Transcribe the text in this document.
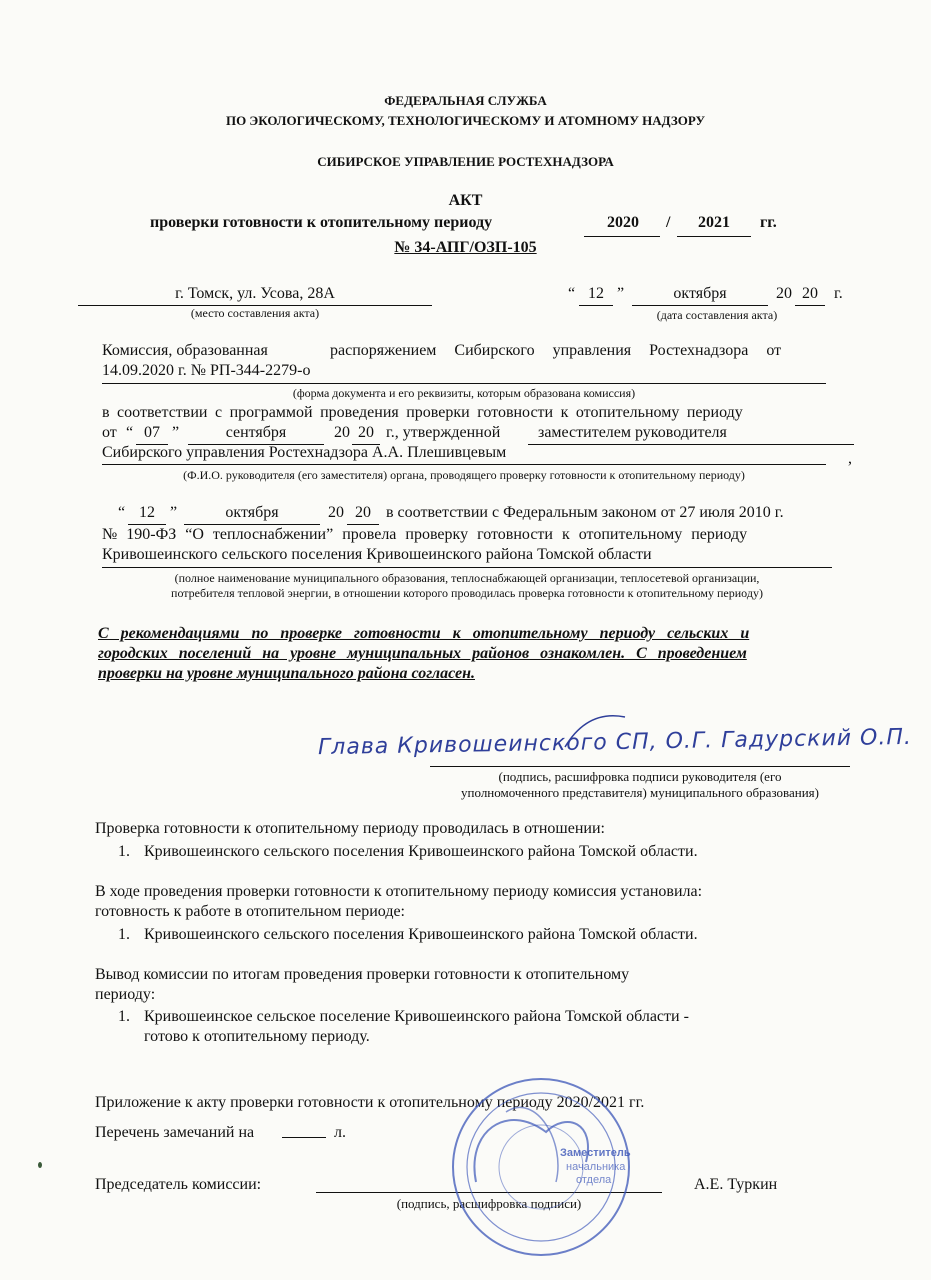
ФЕДЕРАЛЬНАЯ СЛУЖБА
ПО ЭКОЛОГИЧЕСКОМУ, ТЕХНОЛОГИЧЕСКОМУ И АТОМНОМУ НАДЗОРУ
СИБИРСКОЕ УПРАВЛЕНИЕ РОСТЕХНАДЗОРА
АКТ
проверки готовности к отопительному периоду	2020	/	2021	гг.
№ 34-АПГ/ОЗП-105
г. Томск, ул. Усова, 28А
(место составления акта)
“ 12 ”	октября	20 20	г.
(дата составления акта)
Комиссия, образованная	распоряжением Сибирского управления Ростехнадзора от
14.09.2020 г. № РП-344-2279-о
(форма документа и его реквизиты, которым образована комиссия)
в соответствии с программой проведения проверки готовности к отопительному периоду
от “ 07 ”	сентября	20 20 г., утвержденной заместителем руководителя
Сибирского управления Ростехнадзора А.А. Плешивцевым	,
(Ф.И.О. руководителя (его заместителя) органа, проводящего проверку готовности к отопительному периоду)
“ 12 ”	октября	20 20 в соответствии с Федеральным законом от 27 июля 2010 г.
№ 190-ФЗ “О теплоснабжении” провела проверку готовности к отопительному периоду
Кривошеинского сельского поселения Кривошеинского района Томской области
(полное наименование муниципального образования, теплоснабжающей организации, теплосетевой организации,
потребителя тепловой энергии, в отношении которого проводилась проверка готовности к отопительному периоду)
С рекомендациями по проверке готовности к отопительному периоду сельских и
городских поселений на уровне муниципальных районов ознакомлен. С проведением
проверки на уровне муниципального района согласен.
Глава Кривошеинского СП, О.Г. Гадурский О.П.
(подпись, расшифровка подписи руководителя (его
уполномоченного представителя) муниципального образования)
Проверка готовности к отопительному периоду проводилась в отношении:
1. Кривошеинского сельского поселения Кривошеинского района Томской области.
В ходе проведения проверки готовности к отопительному периоду комиссия установила:
готовность к работе в отопительном периоде:
1. Кривошеинского сельского поселения Кривошеинского района Томской области.
Вывод комиссии по итогам проведения проверки готовности к отопительному
периоду:
1. Кривошеинское сельское поселение Кривошеинского района Томской области -
готово к отопительному периоду.
Приложение к акту проверки готовности к отопительному периоду 2020/2021 гг.
Перечень замечаний на	л.
Председатель комиссии:
(подпись, расшифровка подписи)
А.Е. Туркин
Заместитель
начальника
отдела
